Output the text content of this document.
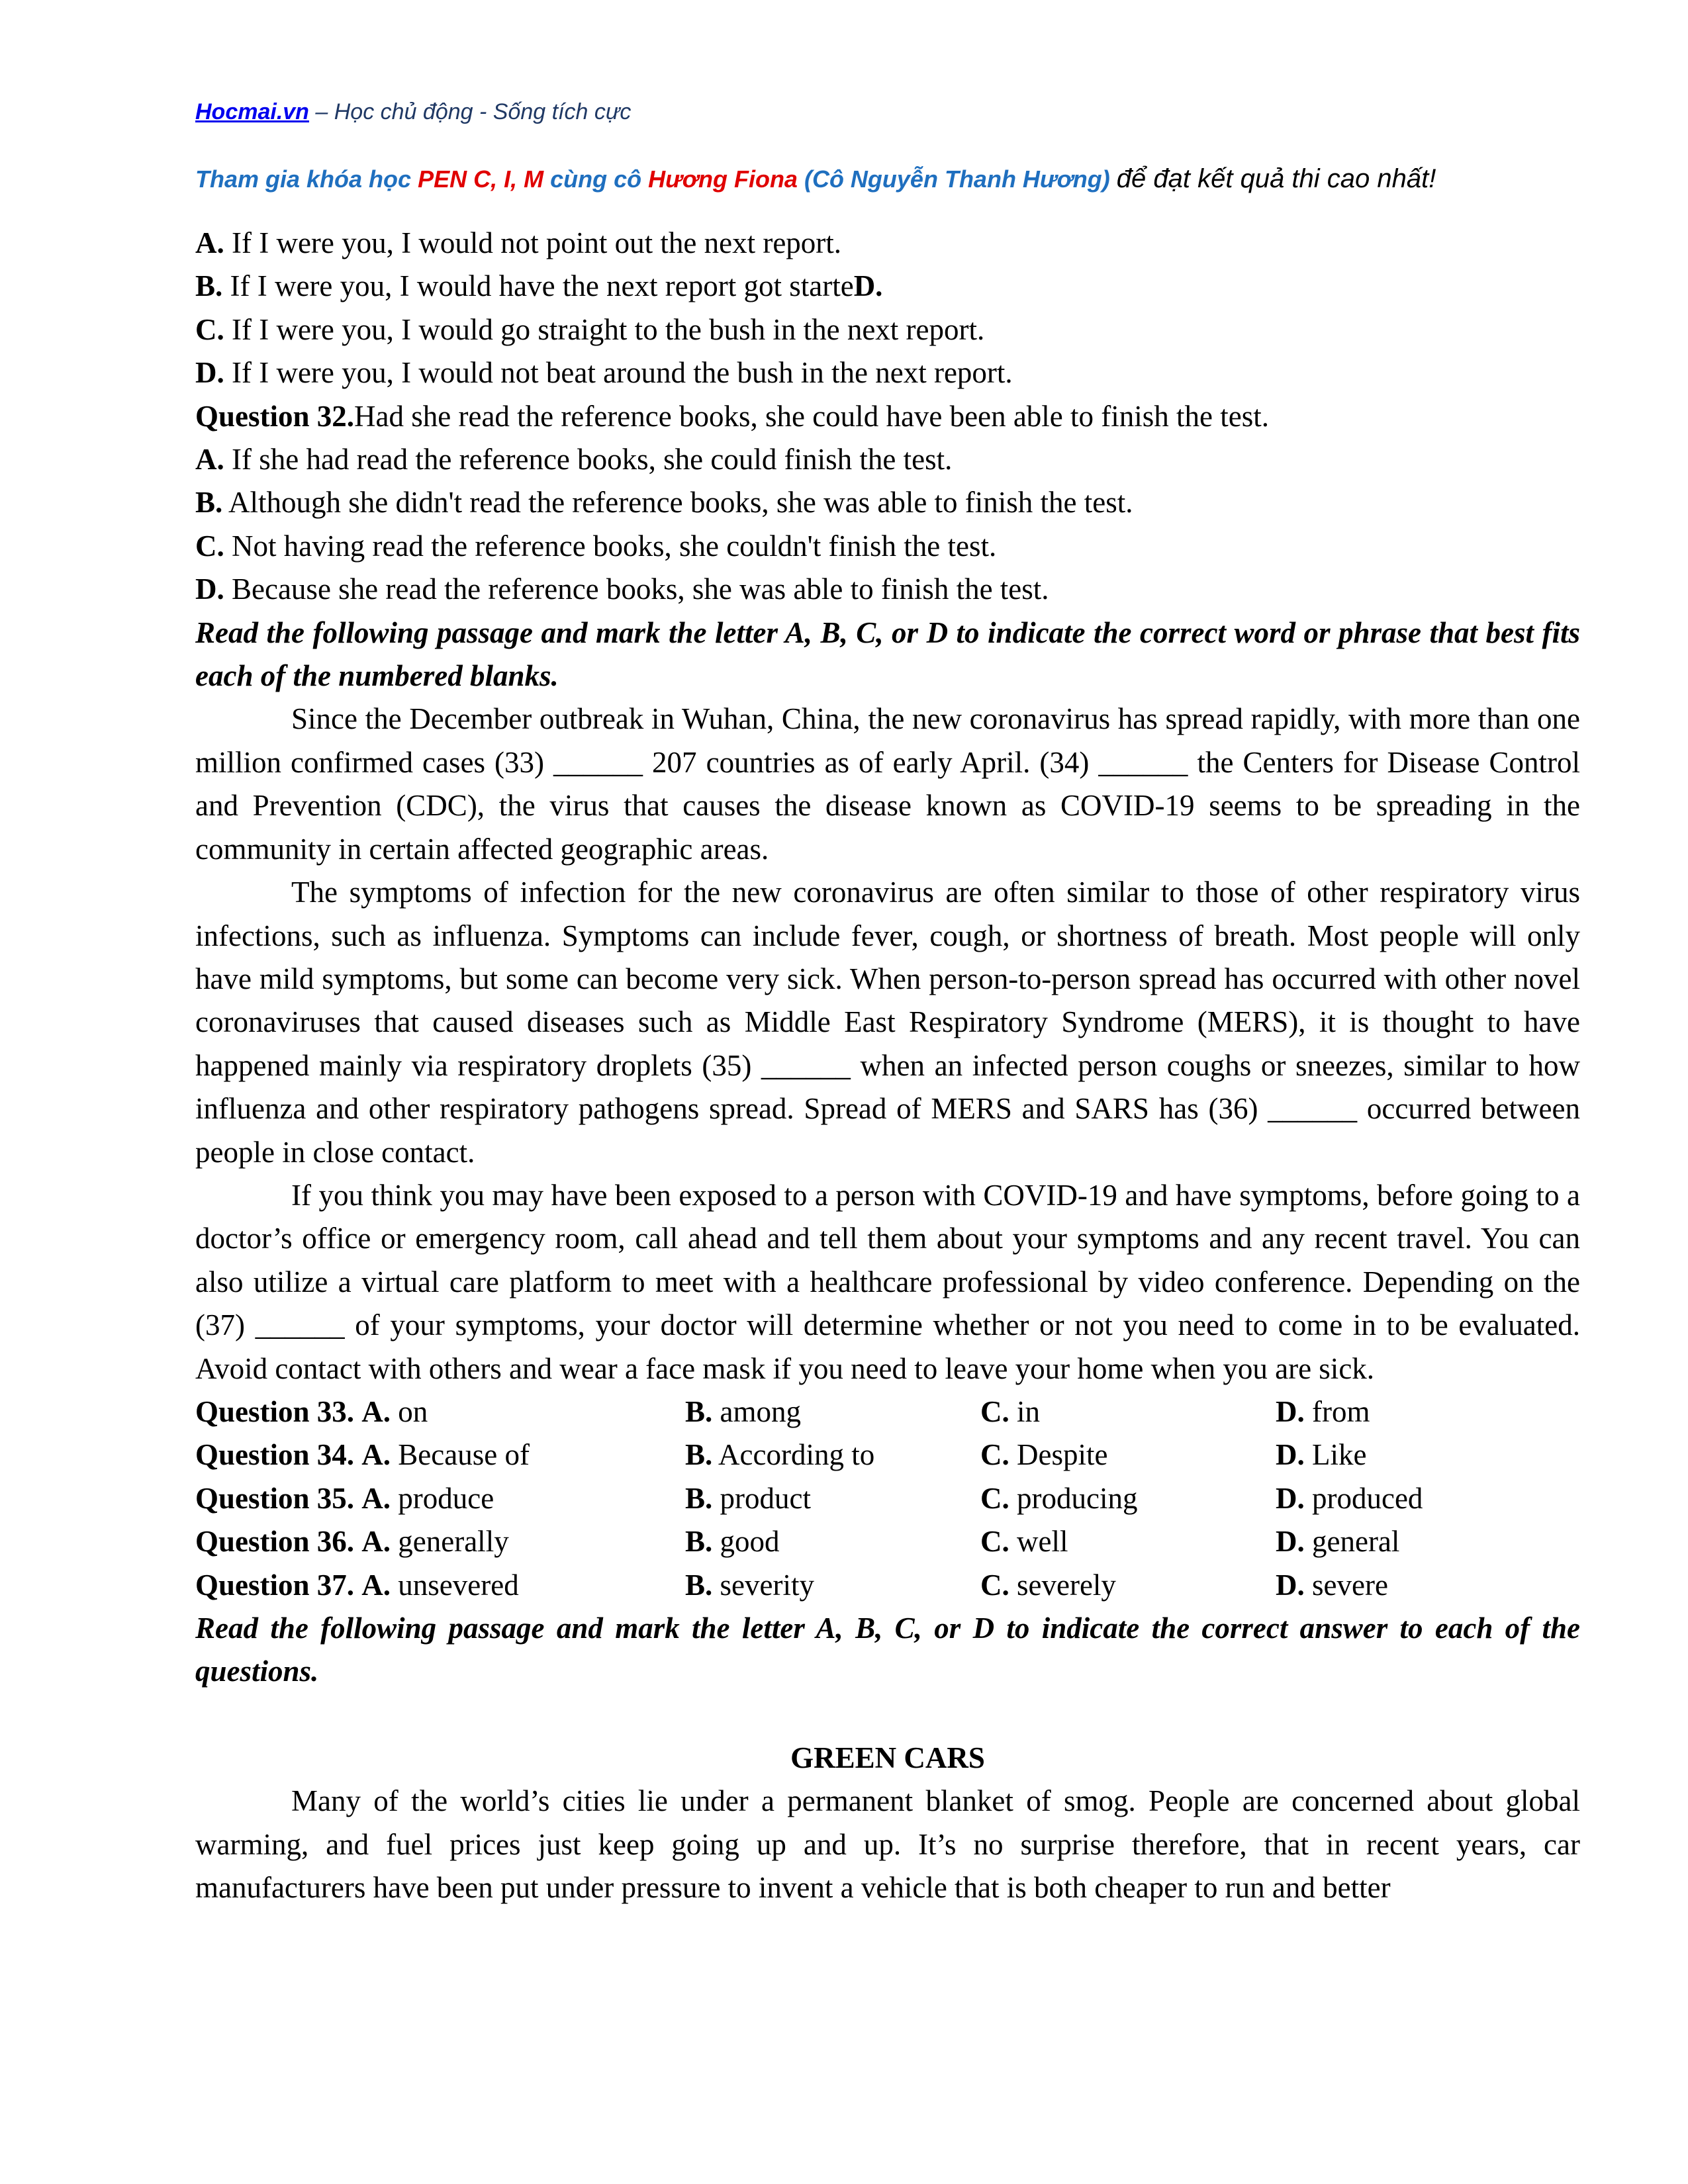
Hocmai.vn – Học chủ động - Sống tích cực
Tham gia khóa học PEN C, I, M cùng cô Hương Fiona (Cô Nguyễn Thanh Hương) để đạt kết quả thi cao nhất!

A. If I were you, I would not point out the next report.

B. If I were you, I would have the next report got starteD.

C. If I were you, I would go straight to the bush in the next report.

D. If I were you, I would not beat around the bush in the next report.

Question 32.Had she read the reference books, she could have been able to finish the test.

A. If she had read the reference books, she could finish the test.

B. Although she didn't read the reference books, she was able to finish the test.

C. Not having read the reference books, she couldn't finish the test.

D. Because she read the reference books, she was able to finish the test.

Read the following passage and mark the letter A, B, C, or D to indicate the correct word or phrase that best fits each of the numbered blanks.

Since the December outbreak in Wuhan, China, the new coronavirus has spread rapidly, with more than one million confirmed cases (33) ______ 207 countries as of early April. (34) ______ the Centers for Disease Control and Prevention (CDC), the virus that causes the disease known as COVID-19 seems to be spreading in the community in certain affected geographic areas.

The symptoms of infection for the new coronavirus are often similar to those of other respiratory virus infections, such as influenza. Symptoms can include fever, cough, or shortness of breath. Most people will only have mild symptoms, but some can become very sick. When person-to-person spread has occurred with other novel coronaviruses that caused diseases such as Middle East Respiratory Syndrome (MERS), it is thought to have happened mainly via respiratory droplets (35) ______ when an infected person coughs or sneezes, similar to how influenza and other respiratory pathogens spread. Spread of MERS and SARS has (36) ______ occurred between people in close contact.

If you think you may have been exposed to a person with COVID-19 and have symptoms, before going to a doctor’s office or emergency room, call ahead and tell them about your symptoms and any recent travel. You can also utilize a virtual care platform to meet with a healthcare professional by video conference. Depending on the (37) ______ of your symptoms, your doctor will determine whether or not you need to come in to be evaluated. Avoid contact with others and wear a face mask if you need to leave your home when you are sick.

Question 33. A. on	B. among	C. in	D. from
Question 34. A. Because of	B. According to	C. Despite	D. Like
Question 35. A. produce	B. product	C. producing	D. produced
Question 36. A. generally	B. good	C. well	D. general
Question 37. A. unsevered	B. severity	C. severely	D. severe

Read the following passage and mark the letter A, B, C, or D to indicate the correct answer to each of the questions.

GREEN CARS

Many of the world’s cities lie under a permanent blanket of smog. People are concerned about global warming, and fuel prices just keep going up and up. It’s no surprise therefore, that in recent years, car manufacturers have been put under pressure to invent a vehicle that is both cheaper to run and better
